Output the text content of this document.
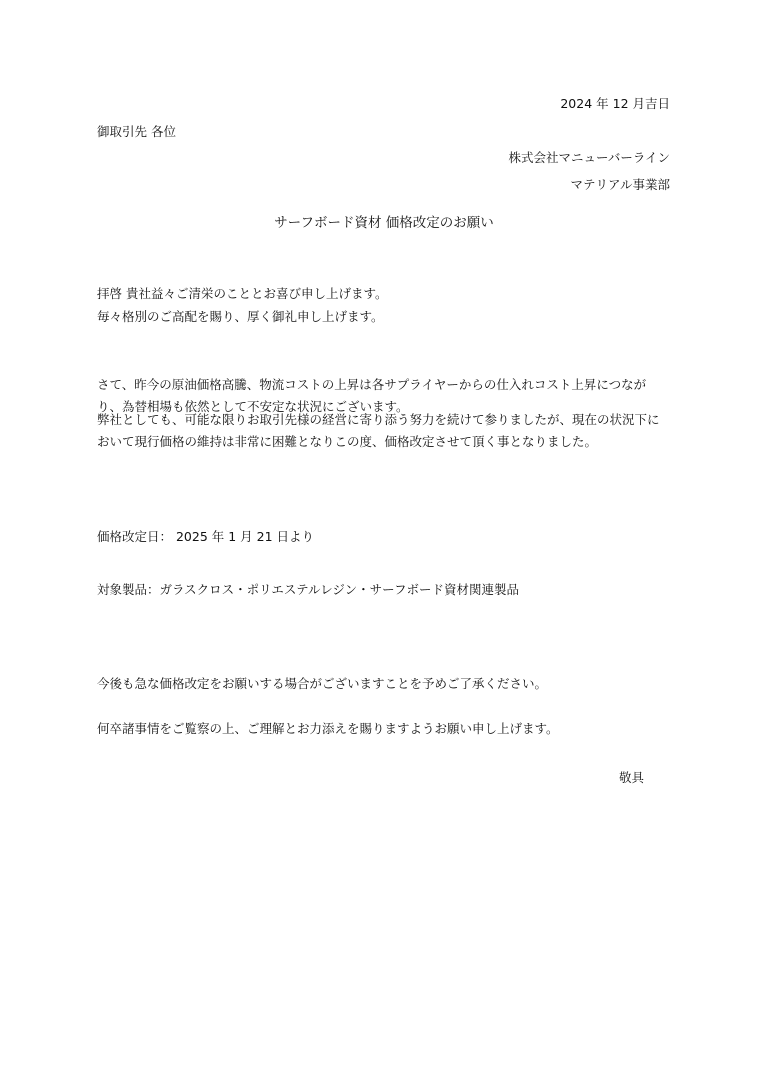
2024 年 12 月吉日
御取引先 各位
株式会社マニューバーライン
マテリアル事業部
サーフボード資材 価格改定のお願い
拝啓 貴社益々ご清栄のこととお喜び申し上げます。
毎々格別のご高配を賜り、厚く御礼申し上げます。
さて、昨今の原油価格高騰、物流コストの上昇は各サプライヤーからの仕入れコスト上昇につながり、為替相場も依然として不安定な状況にございます。
弊社としても、可能な限りお取引先様の経営に寄り添う努力を続けて参りましたが、現在の状況下において現行価格の維持は非常に困難となりこの度、価格改定させて頂く事となりました。
価格改定日： 2025 年 1 月 21 日より
対象製品：ガラスクロス・ポリエステルレジン・サーフボード資材関連製品
今後も急な価格改定をお願いする場合がございますことを予めご了承ください。
何卒諸事情をご覧察の上、ご理解とお力添えを賜りますようお願い申し上げます。
敬具
